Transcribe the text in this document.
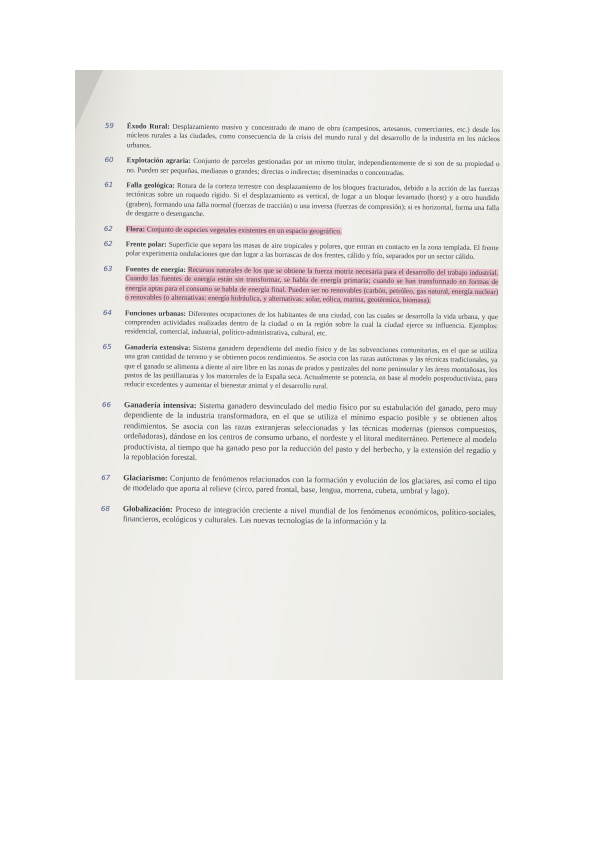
59	Éxodo Rural: Desplazamiento masivo y concentrado de mano de obra (campesinos, artesanos, comerciantes, etc.) desde los núcleos rurales a las ciudades, como consecuencia de la crisis del mundo rural y del desarrollo de la industria en los núcleos urbanos.
60	Explotación agraria: Conjunto de parcelas gestionadas por un mismo titular, independientemente de si son de su propiedad o no. Pueden ser pequeñas, medianas o grandes; directas o indirectas; diseminadas o concentradas.
61	Falla geológica: Rotura de la corteza terrestre con desplazamiento de los bloques fracturados, debido a la acción de las fuerzas tectónicas sobre un roquedo rígido. Si el desplazamiento es vertical, de lugar a un bloque levantado (horst) y a otro hundido (graben), formando una falla normal (fuerzas de tracción) o una inversa (fuerzas de compresión); si es horizontal, forma una falla de desgarre o desenganche.
62	Flora: Conjunto de especies vegetales existentes en un espacio geográfico.
62	Frente polar: Superficie que separa las masas de aire tropicales y polares, que entran en contacto en la zona templada. El frente polar experimenta ondulaciones que dan lugar a las borrascas de dos frentes, cálido y frío, separados por un sector cálido.
63	Fuentes de energía: Recursos naturales de los que se obtiene la fuerza motriz necesaria para el desarrollo del trabajo industrial. Cuando las fuentes de energía están sin transformar, se habla de energía primaria; cuando se han transformado en formas de energía aptas para el consumo se habla de energía final. Pueden ser no renovables (carbón, petróleo, gas natural, energía nuclear) o renovables (o alternativas: energía hidráulica, y alternativas: solar, eólica, marina, geotérmica, biomasa).
64	Funciones urbanas: Diferentes ocupaciones de los habitantes de una ciudad, con las cuales se desarrolla la vida urbana, y que comprenden actividades realizadas dentro de la ciudad o en la región sobre la cual la ciudad ejerce su influencia. Ejemplos: residencial, comercial, industrial, político-administrativa, cultural, etc.
65	Ganadería extensiva: Sistema ganadero dependiente del medio físico y de las subvenciones comunitarias, en el que se utiliza una gran cantidad de terreno y se obtienen pocos rendimientos. Se asocia con las razas autóctonas y las técnicas tradicionales, ya que el ganado se alimenta a diente al aire libre en las zonas de prados y pastizales del norte peninsular y las áreas montañosas, los pastos de las penillanuras y los matorrales de la España seca. Actualmente se potencia, en base al modelo posproductivista, para reducir excedentes y aumentar el bienestar animal y el desarrollo rural.
66	Ganadería intensiva: Sistema ganadero desvinculado del medio físico por su estabulación del ganado, pero muy dependiente de la industria transformadora, en el que se utiliza el mínimo espacio posible y se obtienen altos rendimientos. Se asocia con las razas extranjeras seleccionadas y las técnicas modernas (piensos compuestos, ordeñadoras), dándose en los centros de consumo urbano, el nordeste y el litoral mediterráneo. Pertenece al modelo productivista, al tiempo que ha ganado peso por la reducción del pasto y del herbecho, y la extensión del regadío y la repoblación forestal.
67	Glaciarismo: Conjunto de fenómenos relacionados con la formación y evolución de los glaciares, así como el tipo de modelado que aporta al relieve (circo, pared frontal, base, lengua, morrena, cubeta, umbral y lago).
68	Globalización: Proceso de integración creciente a nivel mundial de los fenómenos económicos, político-sociales, financieros, ecológicos y culturales. Las nuevas tecnologías de la información y la
